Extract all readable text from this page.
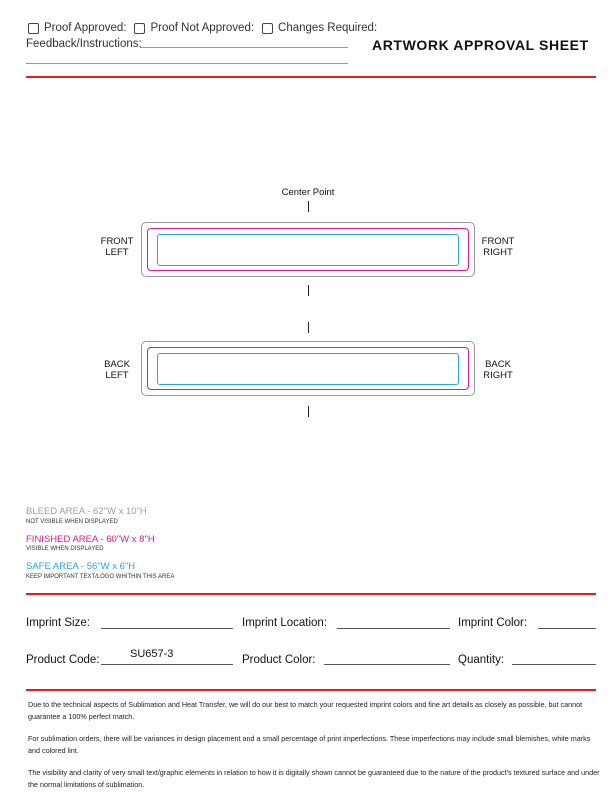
Proof Approved: Proof Not Approved: Changes Required:
Feedback/Instructions:	ARTWORK APPROVAL SHEET
Center Point
FRONT
LEFT
FRONT
RIGHT
BACK
LEFT
BACK
RIGHT
BLEED AREA - 62"W x 10"H
NOT VISIBLE WHEN DISPLAYED
FINISHED AREA - 60"W x 8"H
VISIBLE WHEN DISPLAYED
SAFE AREA - 56"W x 6"H
KEEP IMPORTANT TEXT/LOGO WHITHIN THIS AREA
Imprint Size:	Imprint Location:	Imprint Color:
Product Code:	SU657-3	Product Color:	Quantity:
Due to the technical aspects of Sublimation and Heat Transfer, we will do our best to match your requested imprint colors and fine art details as closely as possible, but cannot guarantee a 100% perfect match.
For sublimation orders, there will be variances in design placement and a small percentage of print imperfections. These imperfections may include small blemishes, white marks and colored lint.
The visibility and clarity of very small text/graphic elements in relation to how it is digitally shown cannot be guaranteed due to the nature of the product's textured surface and under the normal limitations of sublimation.
